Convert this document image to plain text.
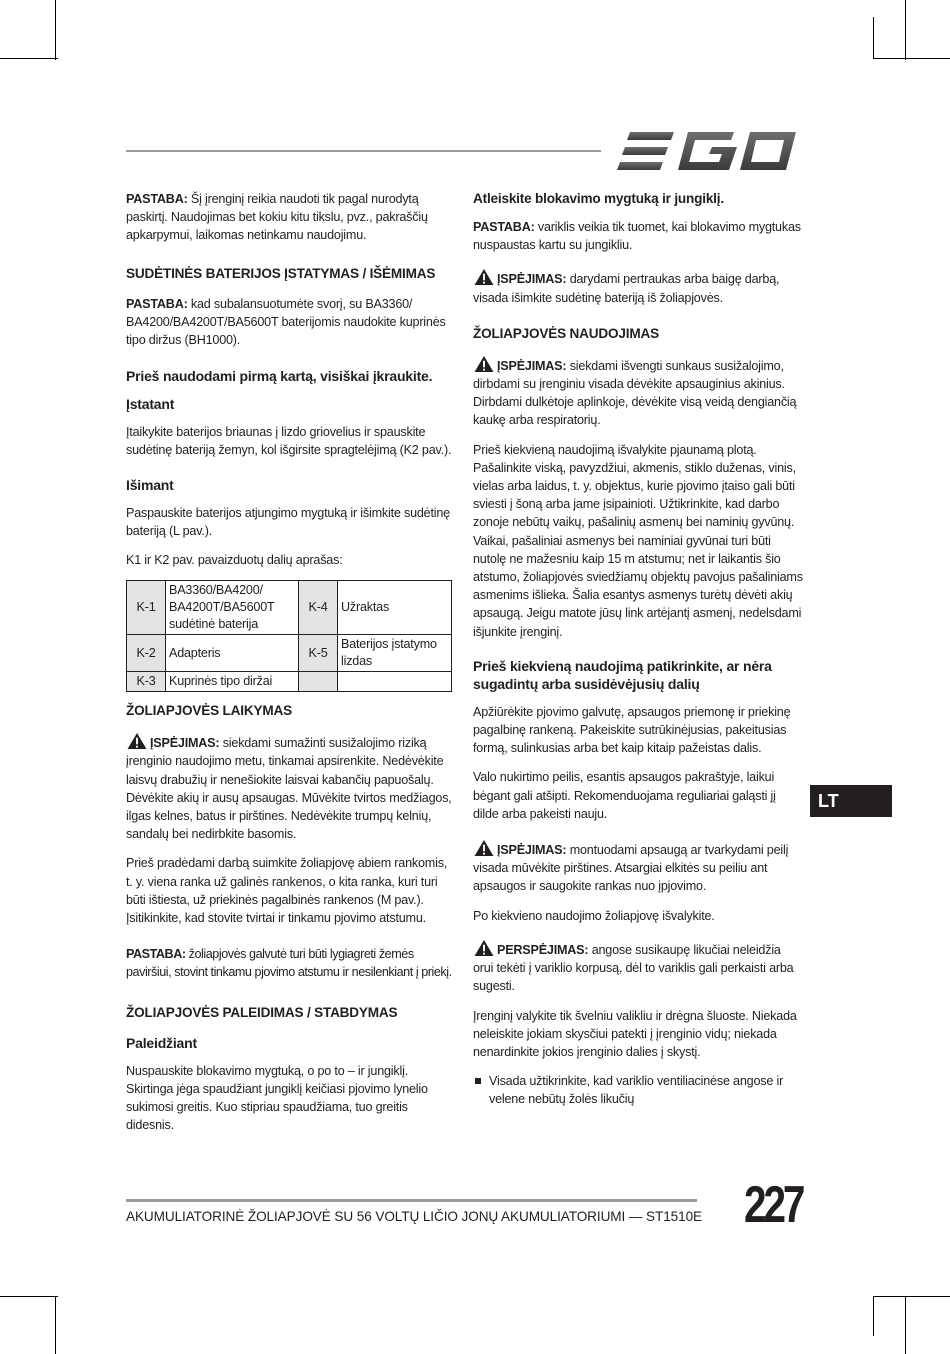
PASTABA: Šį įrenginį reikia naudoti tik pagal nurodytą paskirtį. Naudojimas bet kokiu kitu tikslu, pvz., pakraščių apkarpymui, laikomas netinkamu naudojimu.

SUDĖTINĖS BATERIJOS ĮSTATYMAS / IŠĖMIMAS

PASTABA: kad subalansuotumėte svorį, su BA3360/ BA4200/BA4200T/BA5600T baterijomis naudokite kuprinės tipo diržus (BH1000).

Prieš naudodami pirmą kartą, visiškai įkraukite.
Įstatant

Įtaikykite baterijos briaunas į lizdo griovelius ir spauskite sudėtinę bateriją žemyn, kol išgirsite spragtelėjimą (K2 pav.).

Išimant

Paspauskite baterijos atjungimo mygtuką ir išimkite sudėtinę bateriją (L pav.).

K1 ir K2 pav. pavaizduotų dalių aprašas:

K-1	BA3360/BA4200/ BA4200T/BA5600T sudėtinė baterija	K-4	Užraktas
K-2	Adapteris	K-5	Baterijos įstatymo lizdas
K-3	Kuprinės tipo diržai		
ŽOLIAPJOVĖS LAIKYMAS

ĮSPĖJIMAS: siekdami sumažinti susižalojimo riziką įrenginio naudojimo metu, tinkamai apsirenkite. Nedėvėkite laisvų drabužių ir nenešiokite laisvai kabančių papuošalų. Dėvėkite akių ir ausų apsaugas. Mūvėkite tvirtos medžiagos, ilgas kelnes, batus ir pirštines. Nedėvėkite trumpų kelnių, sandalų bei nedirbkite basomis.

Prieš pradėdami darbą suimkite žoliapjovę abiem rankomis, t. y. viena ranka už galinės rankenos, o kita ranka, kuri turi būti ištiesta, už priekinės pagalbinės rankenos (M pav.). Įsitikinkite, kad stovite tvirtai ir tinkamu pjovimo atstumu.

PASTABA: žoliapjovės galvutė turi būti lygiagreti žemės paviršiui, stovint tinkamu pjovimo atstumu ir nesilenkiant į priekį.

ŽOLIAPJOVĖS PALEIDIMAS / STABDYMAS
Paleidžiant

Nuspauskite blokavimo mygtuką, o po to – ir jungiklį. Skirtinga jėga spaudžiant jungiklį keičiasi pjovimo lynelio sukimosi greitis. Kuo stipriau spaudžiama, tuo greitis didesnis.

Atleiskite blokavimo mygtuką ir jungiklį.

PASTABA: variklis veikia tik tuomet, kai blokavimo mygtukas nuspaustas kartu su jungikliu.

ĮSPĖJIMAS: darydami pertraukas arba baigę darbą, visada išimkite sudėtinę bateriją iš žoliapjovės.

ŽOLIAPJOVĖS NAUDOJIMAS

ĮSPĖJIMAS: siekdami išvengti sunkaus susižalojimo, dirbdami su įrenginiu visada dėvėkite apsauginius akinius. Dirbdami dulkėtoje aplinkoje, dėvėkite visą veidą dengiančią kaukę arba respiratorių.

Prieš kiekvieną naudojimą išvalykite pjaunamą plotą. Pašalinkite viską, pavyzdžiui, akmenis, stiklo duženas, vinis, vielas arba laidus, t. y. objektus, kurie pjovimo įtaiso gali būti sviesti į šoną arba jame įsipainioti. Užtikrinkite, kad darbo zonoje nebūtų vaikų, pašalinių asmenų bei naminių gyvūnų. Vaikai, pašaliniai asmenys bei naminiai gyvūnai turi būti nutolę ne mažesniu kaip 15 m atstumu; net ir laikantis šio atstumo, žoliapjovės sviedžiamų objektų pavojus pašaliniams asmenims išlieka. Šalia esantys asmenys turėtų dėvėti akių apsaugą. Jeigu matote jūsų link artėjantį asmenį, nedelsdami išjunkite įrenginį.

Prieš kiekvieną naudojimą patikrinkite, ar nėra sugadintų arba susidėvėjusių dalių

Apžiūrėkite pjovimo galvutę, apsaugos priemonę ir priekinę pagalbinę rankeną. Pakeiskite sutrūkinėjusias, pakeitusias formą, sulinkusias arba bet kaip kitaip pažeistas dalis.

Valo nukirtimo peilis, esantis apsaugos pakraštyje, laikui bėgant gali atšipti. Rekomenduojama reguliariai galąsti jį dilde arba pakeisti nauju.

ĮSPĖJIMAS: montuodami apsaugą ar tvarkydami peilį visada mūvėkite pirštines. Atsargiai elkitės su peiliu ant apsaugos ir saugokite rankas nuo įpjovimo.

Po kiekvieno naudojimo žoliapjovę išvalykite.

PERSPĖJIMAS: angose susikaupę likučiai neleidžia orui tekėti į variklio korpusą, dėl to variklis gali perkaisti arba sugesti.

Įrenginį valykite tik švelniu valikliu ir drėgna šluoste. Niekada neleiskite jokiam skysčiui patekti į įrenginio vidų; niekada nenardinkite jokios įrenginio dalies į skystį.

Visada užtikrinkite, kad variklio ventiliacinėse angose ir velene nebūtų žolės likučių
LT
AKUMULIATORINĖ ŽOLIAPJOVĖ SU 56 VOLTŲ LIČIO JONŲ AKUMULIATORIUMI — ST1510E 227
